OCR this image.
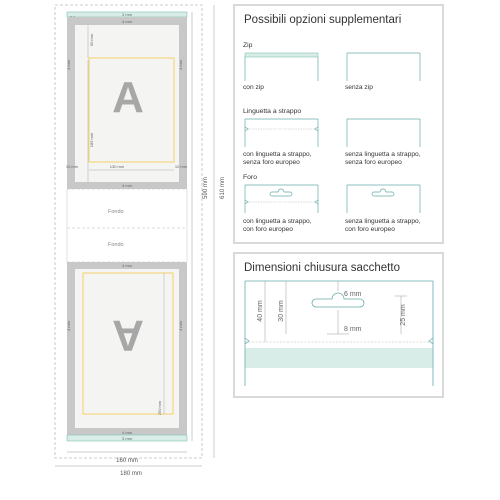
3 mm
4 mm
4 mm
4 mm	4 mm
90 mm
185 mm
130 mm
10 mm	10 mm
A
Fondo
Fondo
4 mm
4 mm
4 mm	4 mm
250 mm
A
3 mm
590 mm 610 mm
160 mm
180 mm
Possibili opzioni supplementari
Zip
con zip	senza zip
Linguetta a strappo
con linguetta a strappo,
senza foro europeo
senza linguetta a strappo,
senza foro europeo
Foro
con linguetta a strappo,
con foro europeo
senza linguetta a strappo,
con foro europeo
Dimensioni chiusura sacchetto
40 mm 30 mm
6 mm
8 mm
25 mm
